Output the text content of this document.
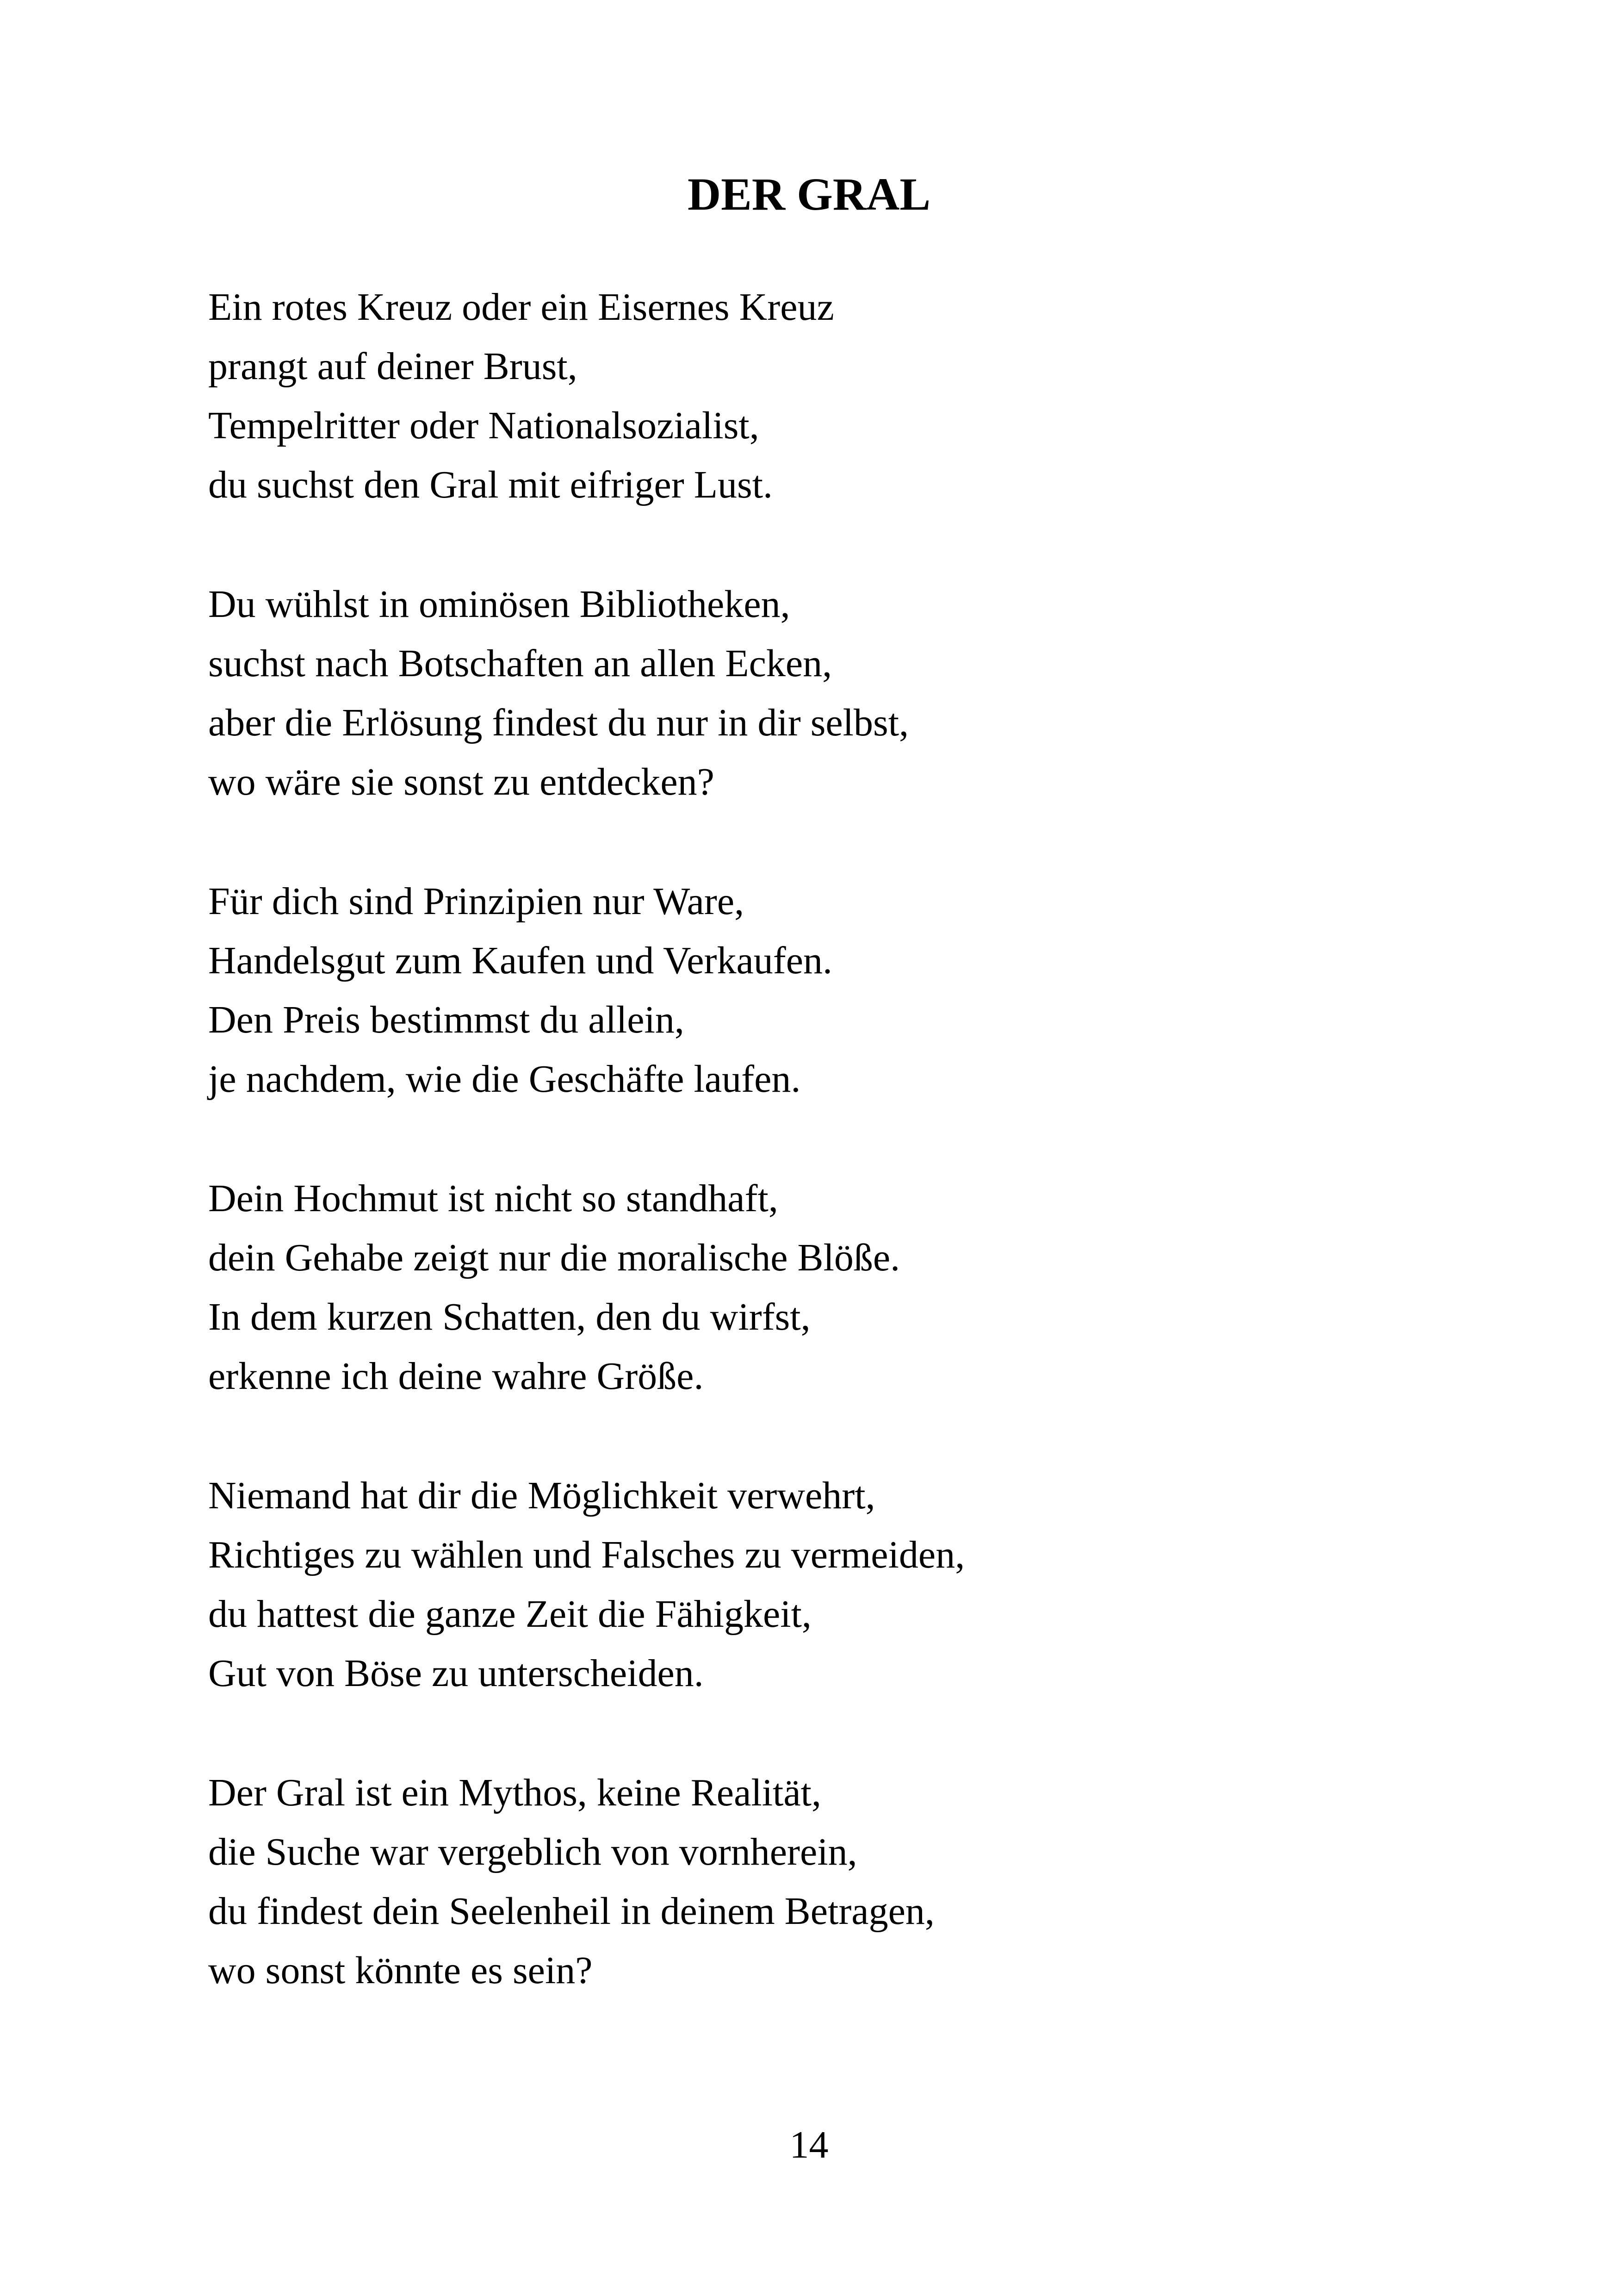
DER GRAL
Ein rotes Kreuz oder ein Eisernes Kreuz
prangt auf deiner Brust,
Tempelritter oder Nationalsozialist,
du suchst den Gral mit eifriger Lust.
Du wühlst in ominösen Bibliotheken,
suchst nach Botschaften an allen Ecken,
aber die Erlösung findest du nur in dir selbst,
wo wäre sie sonst zu entdecken?
Für dich sind Prinzipien nur Ware,
Handelsgut zum Kaufen und Verkaufen.
Den Preis bestimmst du allein,
je nachdem, wie die Geschäfte laufen.
Dein Hochmut ist nicht so standhaft,
dein Gehabe zeigt nur die moralische Blöße.
In dem kurzen Schatten, den du wirfst,
erkenne ich deine wahre Größe.
Niemand hat dir die Möglichkeit verwehrt,
Richtiges zu wählen und Falsches zu vermeiden,
du hattest die ganze Zeit die Fähigkeit,
Gut von Böse zu unterscheiden.
Der Gral ist ein Mythos, keine Realität,
die Suche war vergeblich von vornherein,
du findest dein Seelenheil in deinem Betragen,
wo sonst könnte es sein?
14
